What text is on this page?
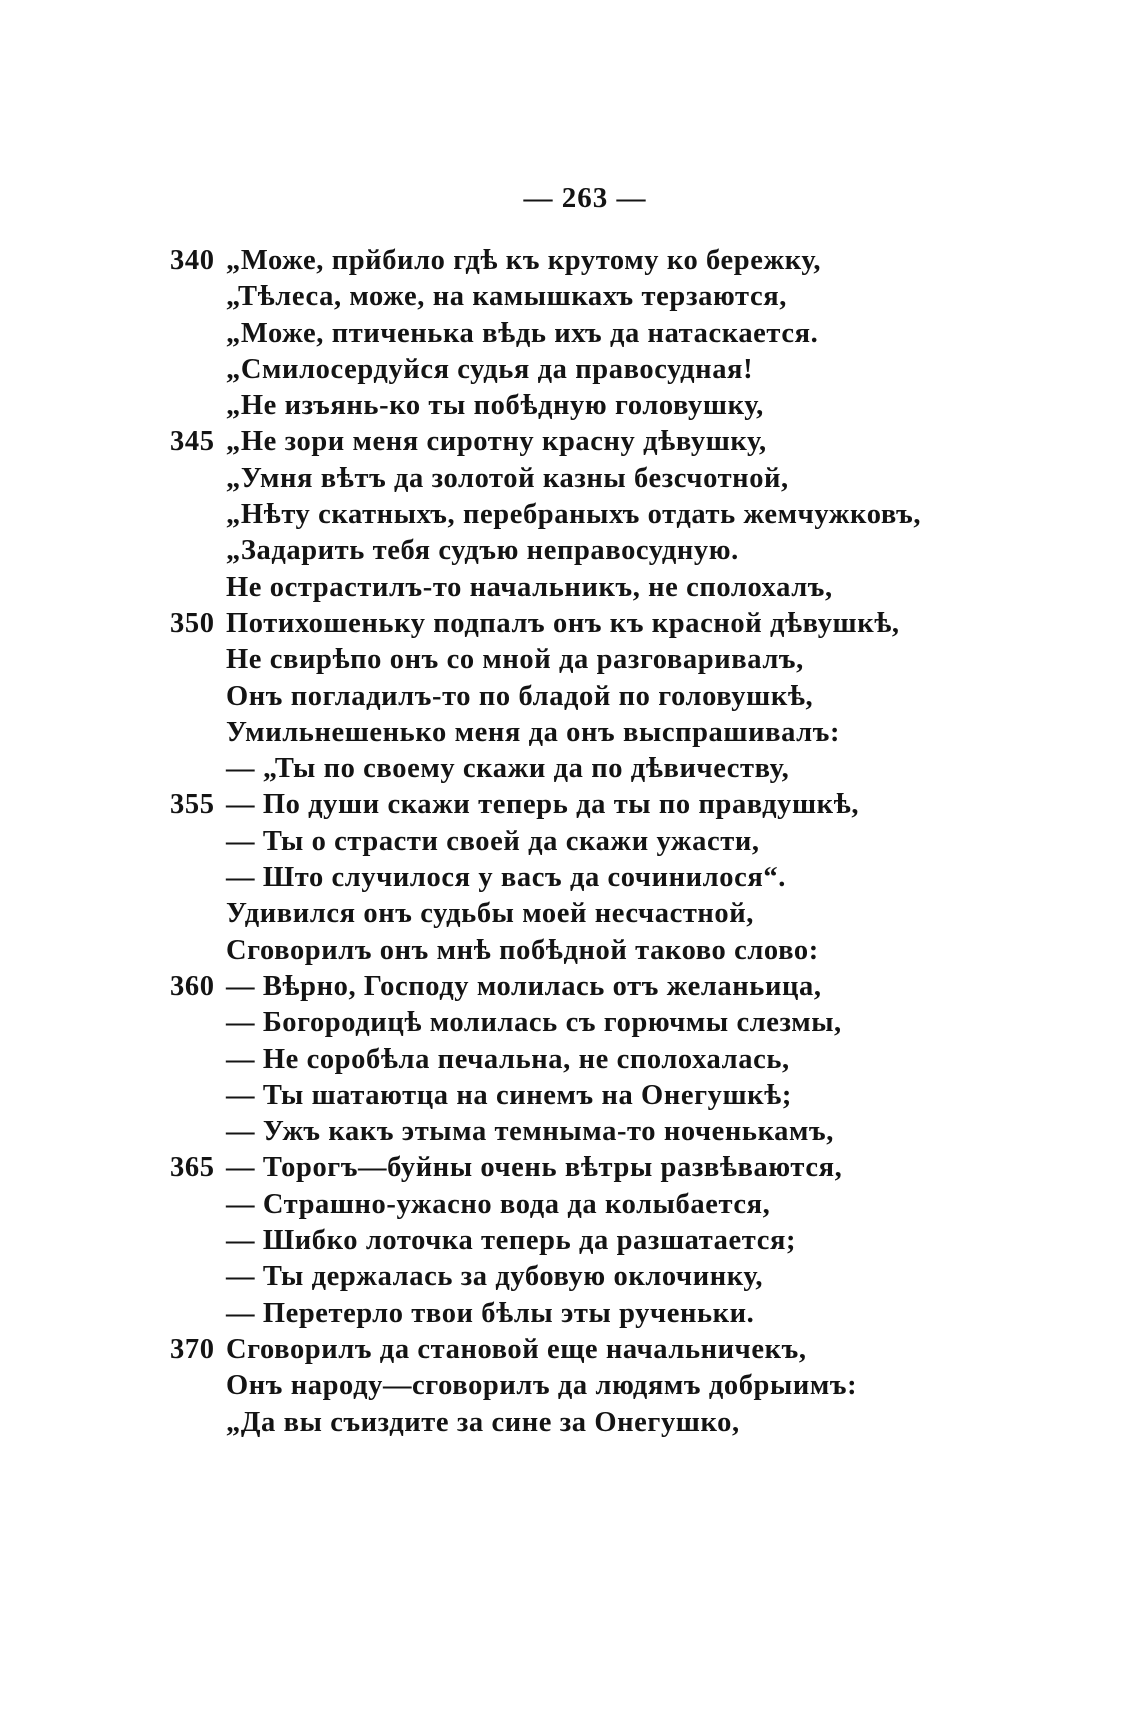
— 263 —
340 „Може, прйбило гдѣ къ крутому ко бережку,
„Тѣлеса, може, на камышкахъ терзаются,
„Може, птиченька вѣдь ихъ да натаскается.
„Смилосердуйся судья да правосудная!
„Не изъянь-ко ты побѣдную головушку,
345 „Не зори меня сиротну красну дѣвушку,
„Умня вѣтъ да золотой казны безсчотной,
„Нѣту скатныхъ, перебраныхъ отдать жемчужковъ,
„Задарить тебя судъю неправосудную.
Не острастилъ-то начальникъ, не сполохалъ,
350 Потихошеньку подпалъ онъ къ красной дѣвушкѣ,
Не свирѣпо онъ со мной да разговаривалъ,
Онъ погладилъ-то по бладой по головушкѣ,
Умильнешенько меня да онъ выспрашивалъ:
— „Ты по своему скажи да по дѣвичеству,
355 — По души скажи теперь да ты по правдушкѣ,
— Ты о страсти своей да скажи ужасти,
— Што случилося у васъ да сочинилося“.
Удивился онъ судьбы моей несчастной,
Сговорилъ онъ мнѣ побѣдной таково слово:
360 — Вѣрно, Господу молилась отъ желаньица,
— Богородицѣ молилась съ горючмы слезмы,
— Не соробѣла печальна, не сполохалась,
— Ты шатаютца на синемъ на Онегушкѣ;
— Ужъ какъ этыма темныма-то ноченькамъ,
365 — Торогъ—буйны очень вѣтры развѣваются,
— Страшно-ужасно вода да колыбается,
— Шибко лоточка теперь да разшатается;
— Ты держалась за дубовую оклочинку,
— Перетерло твои бѣлы эты рученьки.
370 Сговорилъ да становой еще начальничекъ,
Онъ народу—сговорилъ да людямъ добрыимъ:
„Да вы съиздите за сине за Онегушко,
